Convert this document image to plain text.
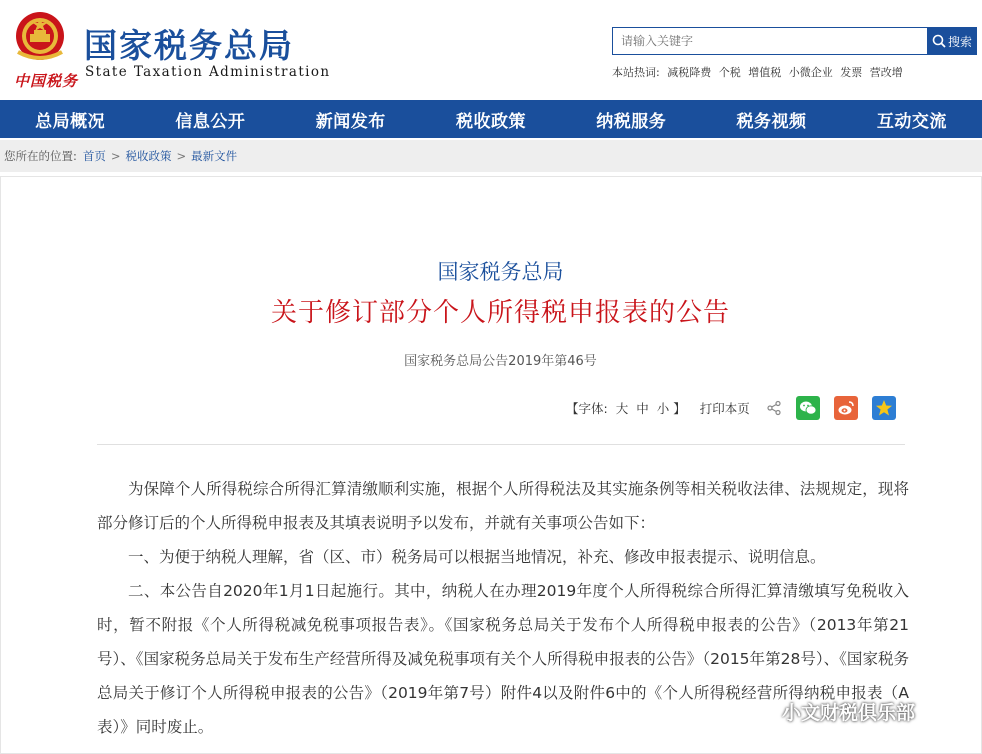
中国税务
国家税务总局
State Taxation Administration
请输入关键字
搜索
本站热词: 减税降费 个税 增值税 小微企业 发票 营改增
总局概况	信息公开	新闻发布	税收政策	纳税服务	税务视频	互动交流
您所在的位置: 首页 > 税收政策 > 最新文件
国家税务总局
关于修订部分个人所得税申报表的公告
国家税务总局公告2019年第46号
【字体: 大 中 小 】 打印本页

为保障个人所得税综合所得汇算清缴顺利实施，根据个人所得税法及其实施条例等相关税收法律、法规规定，现将部分修订后的个人所得税申报表及其填表说明予以发布，并就有关事项公告如下：

一、为便于纳税人理解，省（区、市）税务局可以根据当地情况，补充、修改申报表提示、说明信息。

二、本公告自2020年1月1日起施行。其中，纳税人在办理2019年度个人所得税综合所得汇算清缴填写免税收入时，暂不附报《个人所得税减免税事项报告表》。《国家税务总局关于发布个人所得税申报表的公告》（2013年第21号）、《国家税务总局关于发布生产经营所得及减免税事项有关个人所得税申报表的公告》（2015年第28号）、《国家税务总局关于修订个人所得税申报表的公告》（2019年第7号）附件4以及附件6中的《个人所得税经营所得纳税申报表（A表）》同时废止。

小文财税俱乐部
